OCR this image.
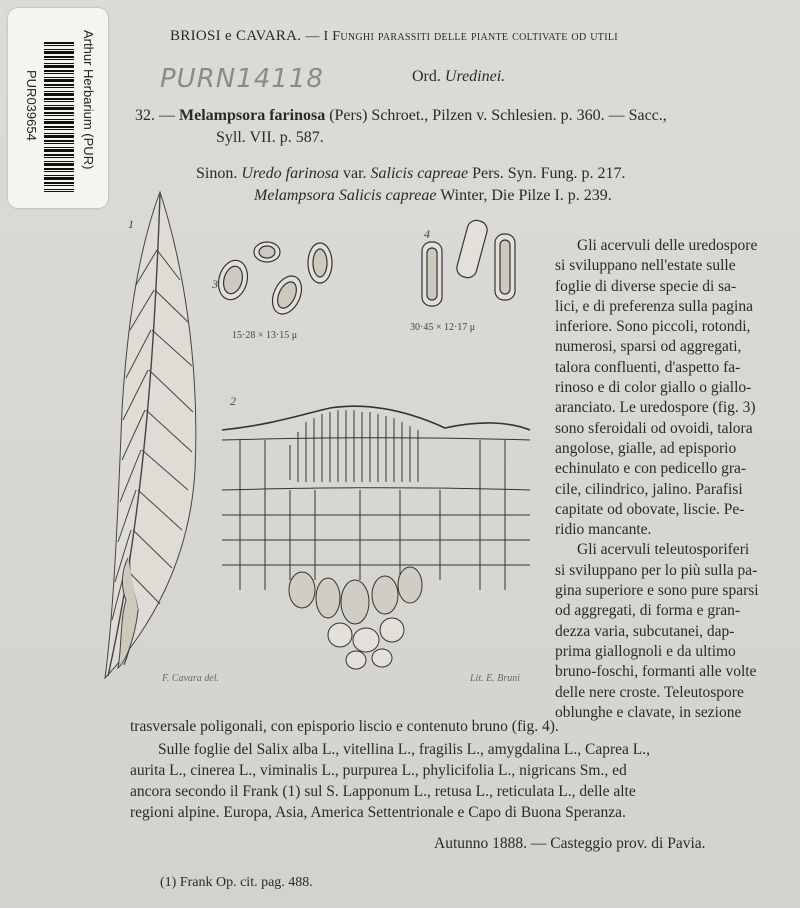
Arthur Herbarium (PUR)
PUR039654	PURN14118
BRIOSI e CAVARA. — I Funghi parassiti delle piante coltivate od utili
Ord. Uredinei.
32. — Melampsora farinosa (Pers) Schroet., Pilzen v. Schlesien. p. 360. — Sacc.,
Syll. VII. p. 587.
Sinon. Uredo farinosa var. Salicis capreae Pers. Syn. Fung. p. 217.
Melampsora Salicis capreae Winter, Die Pilze I. p. 239.
3
15·28 × 13·15 μ
4
30·45 × 12·17 μ
2
1
F. Cavara del.	Lit. E. Bruni
Gli acervuli delle uredospore
si sviluppano nell'estate sulle
foglie di diverse specie di sa-
lici, e di preferenza sulla pagina
inferiore. Sono piccoli, rotondi,
numerosi, sparsi od aggregati,
talora confluenti, d'aspetto fa-
rinoso e di color giallo o giallo-
aranciato. Le uredospore (fig. 3)
sono sferoidali od ovoidi, talora
angolose, gialle, ad episporio
echinulato e con pedicello gra-
cile, cilindrico, jalino. Parafisi
capitate od obovate, liscie. Pe-
ridio mancante.
Gli acervuli teleutosporiferi
si sviluppano per lo più sulla pa-
gina superiore e sono pure sparsi
od aggregati, di forma e gran-
dezza varia, subcutanei, dap-
prima giallognoli e da ultimo
bruno-foschi, formanti alle volte
delle nere croste. Teleutospore
oblunghe e clavate, in sezione
trasversale poligonali, con episporio liscio e contenuto bruno (fig. 4).
Sulle foglie del Salix alba L., vitellina L., fragilis L., amygdalina L., Caprea L.,
aurita L., cinerea L., viminalis L., purpurea L., phylicifolia L., nigricans Sm., ed
ancora secondo il Frank (1) sul S. Lapponum L., retusa L., reticulata L., delle alte
regioni alpine. Europa, Asia, America Settentrionale e Capo di Buona Speranza.
Autunno 1888. — Casteggio prov. di Pavia.
(1) Frank Op. cit. pag. 488.
